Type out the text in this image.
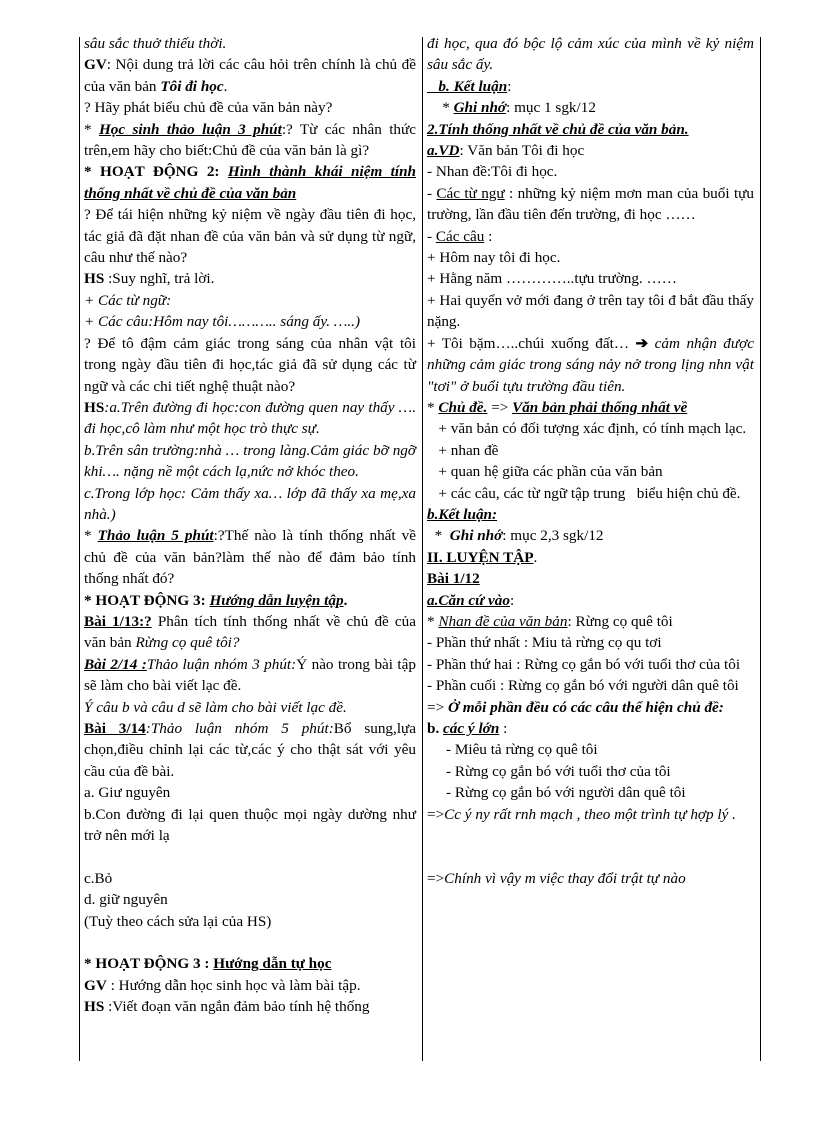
sâu sắc thuở thiếu thời.

GV: Nội dung trả lời các câu hỏi trên chính là chủ đề của văn bản Tôi đi học.

? Hãy phát biểu chủ đề của văn bản này?

* Học sinh thảo luận 3 phút:? Từ các nhân thức trên,em hãy cho biết:Chủ đề của văn bản là gì?

* HOẠT ĐỘNG 2: Hình thành khái niệm tính thống nhất về chủ đề của văn bản

? Để tái hiện những kỷ niệm về ngày đầu tiên đi học, tác giả đã đặt nhan đề của văn bản và sử dụng từ ngữ, câu như thế nào?

HS :Suy nghĩ, trả lời.

+ Các từ ngữ:

+ Các câu:Hôm nay tôi……….. sáng ấy. …..)

? Để tô đậm cảm giác trong sáng của nhân vật tôi trong ngày đầu tiên đi học,tác giả đã sử dụng các từ ngữ và các chi tiết nghệ thuật nào?

HS:a.Trên đường đi học:con đường quen nay thấy …. đi học,cô làm như một học trò thực sự.

b.Trên sân trường:nhà … trong làng.Cảm giác bỡ ngỡ khi…. nặng nề một cách lạ,nức nở khóc theo.

c.Trong lớp học: Cảm thấy xa… lớp đã thấy xa mẹ,xa nhà.)

* Thảo luận 5 phút:?Thế nào là tính thống nhất về chủ đề của văn bản?làm thế nào để đảm bảo tính thống nhất đó?

* HOẠT ĐỘNG 3: Hướng dẫn luyện tập.

Bài 1/13:? Phân tích tính thống nhất về chủ đề của văn bản Rừng cọ quê tôi?

Bài 2/14 :Thảo luận nhóm 3 phút:Ý nào trong bài tập sẽ làm cho bài viết lạc đề.

Ý câu b và câu d sẽ làm cho bài viết lạc đề.

Bài 3/14:Thảo luận nhóm 5 phút:Bổ sung,lựa chọn,điều chỉnh lại các từ,các ý cho thật sát với yêu cầu của đề bài.

a. Giư nguyên

b.Con đường đi lại quen thuộc mọi ngày dường như trở nên mới lạ

c.Bỏ

d. giữ nguyên

(Tuỳ theo cách sửa lại của HS)

* HOẠT ĐỘNG 3 : Hướng dẫn tự học

GV : Hướng dẫn học sinh học và làm bài tập.

HS :Viết đoạn văn ngắn đảm bảo tính hệ thống

đi học, qua đó bộc lộ cảm xúc của mình về kỷ niệm sâu sắc ấy.

b. Kết luận:

* Ghi nhớ: mục 1 sgk/12

2.Tính thống nhất về chủ đề của văn bản.

a.VD: Văn bản Tôi đi học

- Nhan đề:Tôi đi học.

- Các từ ngư : những kỷ niệm mơn man của buổi tựu trường, lần đầu tiên đến trường, đi học ……

- Các câu :

+ Hôm nay tôi đi học.

+ Hằng năm …………..tựu trường. ……

+ Hai quyển vở mới đang ở trên tay tôi đ bắt đầu thấy nặng.

+ Tôi bặm…..chúi xuống đất… ➔ cảm nhận được những cảm giác trong sáng nảy nở trong lịng nhn vật "tơi" ở buổi tựu trường đầu tiên.

* Chủ đề. => Văn bản phải thống nhất về

+ văn bản có đối tượng xác định, có tính mạch lạc.

+ nhan đề

+ quan hệ giữa các phần của văn bản

+ các câu, các từ ngữ tập trung   biểu hiện chủ đề.

b.Kết luận:

*  Ghi nhớ: mục 2,3 sgk/12

II. LUYỆN TẬP.

Bài 1/12

a.Căn cứ vào:

* Nhan đề của văn bản: Rừng cọ quê tôi

- Phần thứ nhất : Miu tả rừng cọ qu tơi

- Phần thứ hai : Rừng cọ gắn bó với tuổi thơ của tôi

- Phần cuối : Rừng cọ gắn bó với người dân quê tôi

=> Ở mỗi phần đều có các câu thể hiện chủ đề:

b. các ý lớn :

- Miêu tả rừng cọ quê tôi

- Rừng cọ gắn bó với tuổi thơ của tôi

- Rừng cọ gắn bó với người dân quê tôi

=>Cc ý ny rất rnh mạch , theo một trình tự hợp lý .

=>Chính vì vậy m việc thay đổi trật tự nào
